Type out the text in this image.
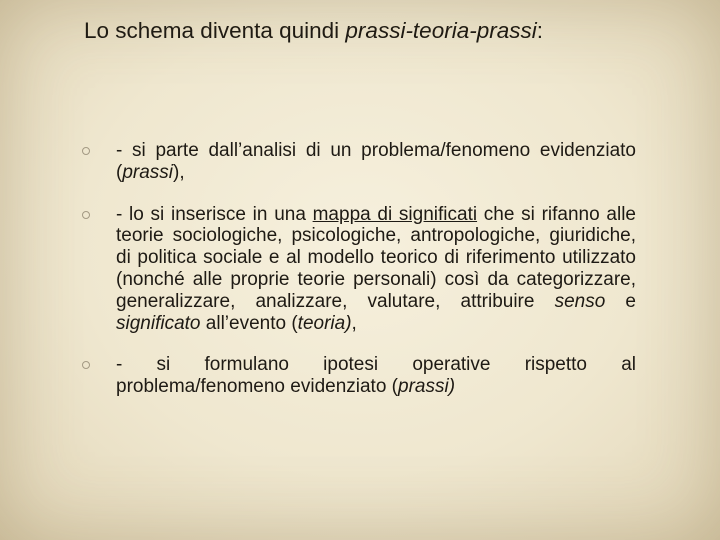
Lo schema diventa quindi prassi-teoria-prassi:
- si parte dall’analisi di un problema/fenomeno evidenziato (prassi),
- lo si inserisce in una mappa di significati che si rifanno alle teorie sociologiche, psicologiche, antropologiche, giuridiche, di politica sociale e al modello teorico di riferimento utilizzato (nonché alle proprie teorie personali) così da categorizzare, generalizzare, analizzare, valutare, attribuire senso e significato all’evento (teoria),
- si formulano ipotesi operative rispetto al problema/fenomeno evidenziato (prassi)
